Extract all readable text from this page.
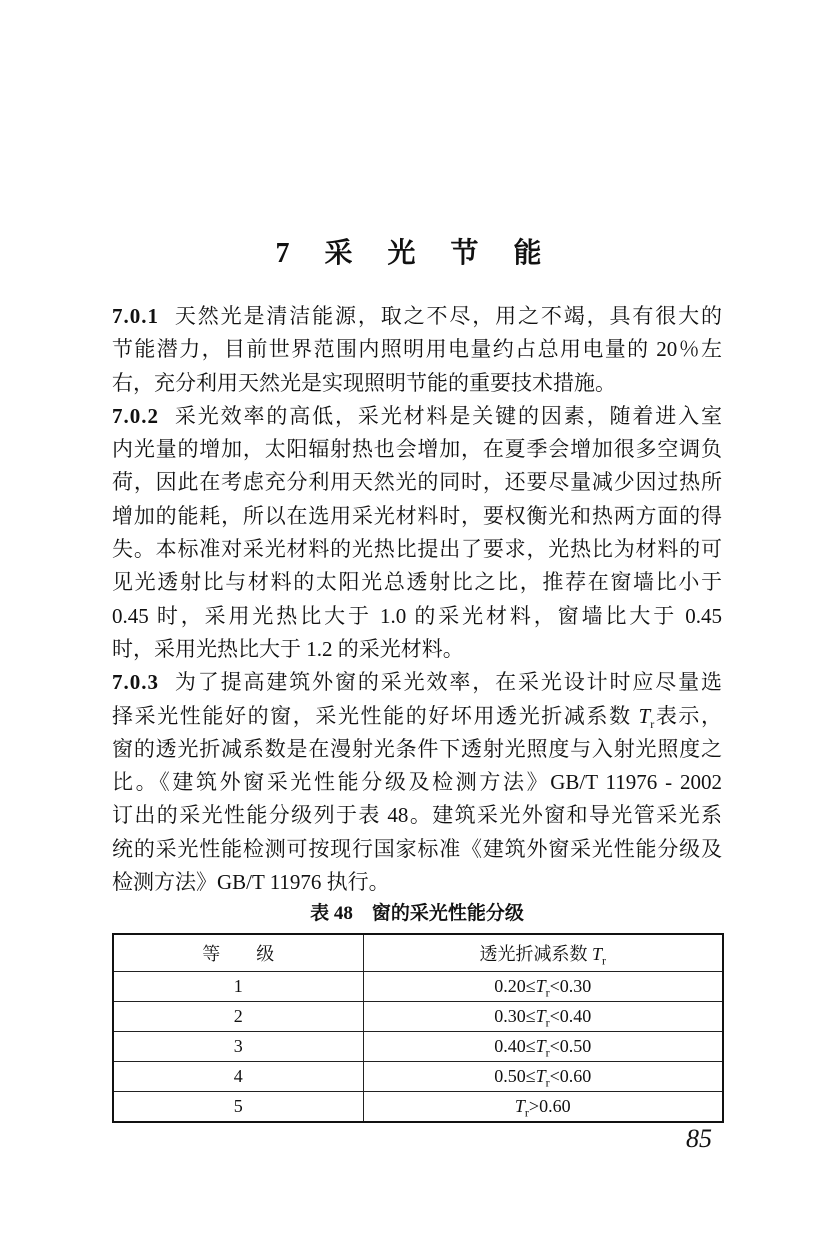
7 采 光 节 能
7.0.1 天然光是清洁能源，取之不尽，用之不竭，具有很大的
节能潜力，目前世界范围内照明用电量约占总用电量的 20％左
右，充分利用天然光是实现照明节能的重要技术措施。
7.0.2 采光效率的高低，采光材料是关键的因素，随着进入室
内光量的增加，太阳辐射热也会增加，在夏季会增加很多空调负
荷，因此在考虑充分利用天然光的同时，还要尽量减少因过热所
增加的能耗，所以在选用采光材料时，要权衡光和热两方面的得
失。本标准对采光材料的光热比提出了要求，光热比为材料的可
见光透射比与材料的太阳光总透射比之比，推荐在窗墙比小于
0.45 时，采用光热比大于 1.0 的采光材料，窗墙比大于 0.45
时，采用光热比大于 1.2 的采光材料。
7.0.3 为了提高建筑外窗的采光效率，在采光设计时应尽量选
择采光性能好的窗，采光性能的好坏用透光折减系数 $T_r$表示，
窗的透光折减系数是在漫射光条件下透射光照度与入射光照度之
比。《建筑外窗采光性能分级及检测方法》GB/T 11976 - 2002
订出的采光性能分级列于表 48。建筑采光外窗和导光管采光系
统的采光性能检测可按现行国家标准《建筑外窗采光性能分级及
检测方法》GB/T 11976 执行。
表 48　窗的采光性能分级
等　　级	透光折减系数 $T_r$
1	$0.20\le T_r<0.30$
2	$0.30\le T_r<0.40$
3	$0.40\le T_r<0.50$
4	$0.50\le T_r<0.60$
5	$T_r>0.60$
85
